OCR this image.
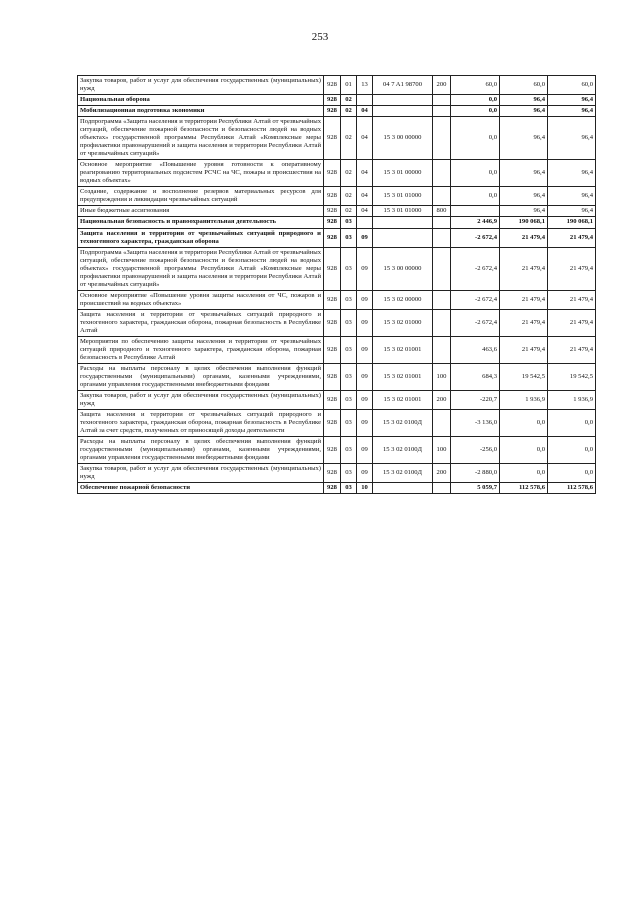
253
Закупка товаров, работ и услуг для обеспечения государственных (муниципальных) нужд	928	01	13	04 7 A1 98700	200	60,0	60,0	60,0
Национальная оборона	928	02				0,0	96,4	96,4
Мобилизационная подготовка экономики	928	02	04			0,0	96,4	96,4
Подпрограмма «Защита населения и территории Республики Алтай от чрезвычайных ситуаций, обеспечение пожарной безопасности и безопасности людей на водных объектах» государственной программы Республики Алтай «Комплексные меры профилактики правонарушений и защита населения и территории Республики Алтай от чрезвычайных ситуаций»	928	02	04	15 3 00 00000		0,0	96,4	96,4
Основное мероприятие «Повышение уровня готовности к оперативному реагированию территориальных подсистем РСЧС на ЧС, пожары и происшествия на водных объектах»	928	02	04	15 3 01 00000		0,0	96,4	96,4
Создание, содержание и восполнение резервов материальных ресурсов для предупреждения и ликвидации чрезвычайных ситуаций	928	02	04	15 3 01 01000		0,0	96,4	96,4
Иные бюджетные ассигнования	928	02	04	15 3 01 01000	800		96,4	96,4
Национальная безопасность и правоохранительная деятельность	928	03				2 446,9	190 068,1	190 068,1
Защита населения и территории от чрезвычайных ситуаций природного и техногенного характера, гражданская оборона	928	03	09			-2 672,4	21 479,4	21 479,4
Подпрограмма «Защита населения и территории Республики Алтай от чрезвычайных ситуаций, обеспечение пожарной безопасности и безопасности людей на водных объектах» государственной программы Республики Алтай «Комплексные меры профилактики правонарушений и защита населения и территории Республики Алтай от чрезвычайных ситуаций»	928	03	09	15 3 00 00000		-2 672,4	21 479,4	21 479,4
Основное мероприятие «Повышение уровня защиты населения от ЧС, пожаров и происшествий на водных объектах»	928	03	09	15 3 02 00000		-2 672,4	21 479,4	21 479,4
Защита населения и территории от чрезвычайных ситуаций природного и техногенного характера, гражданская оборона, пожарная безопасность в Республике Алтай	928	03	09	15 3 02 01000		-2 672,4	21 479,4	21 479,4
Мероприятия по обеспечению защиты населения и территории от чрезвычайных ситуаций природного и техногенного характера, гражданская оборона, пожарная безопасность в Республике Алтай	928	03	09	15 3 02 01001		463,6	21 479,4	21 479,4
Расходы на выплаты персоналу в целях обеспечения выполнения функций государственными (муниципальными) органами, казенными учреждениями, органами управления государственными внебюджетными фондами	928	03	09	15 3 02 01001	100	684,3	19 542,5	19 542,5
Закупка товаров, работ и услуг для обеспечения государственных (муниципальных) нужд	928	03	09	15 3 02 01001	200	-220,7	1 936,9	1 936,9
Защита населения и территории от чрезвычайных ситуаций природного и техногенного характера, гражданская оборона, пожарная безопасность в Республике Алтай за счет средств, полученных от приносящей доходы деятельности	928	03	09	15 3 02 0100Д		-3 136,0	0,0	0,0
Расходы на выплаты персоналу в целях обеспечения выполнения функций государственными (муниципальными) органами, казенными учреждениями, органами управления государственными внебюджетными фондами	928	03	09	15 3 02 0100Д	100	-256,0	0,0	0,0
Закупка товаров, работ и услуг для обеспечения государственных (муниципальных) нужд	928	03	09	15 3 02 0100Д	200	-2 880,0	0,0	0,0
Обеспечение пожарной безопасности	928	03	10			5 059,7	112 578,6	112 578,6
